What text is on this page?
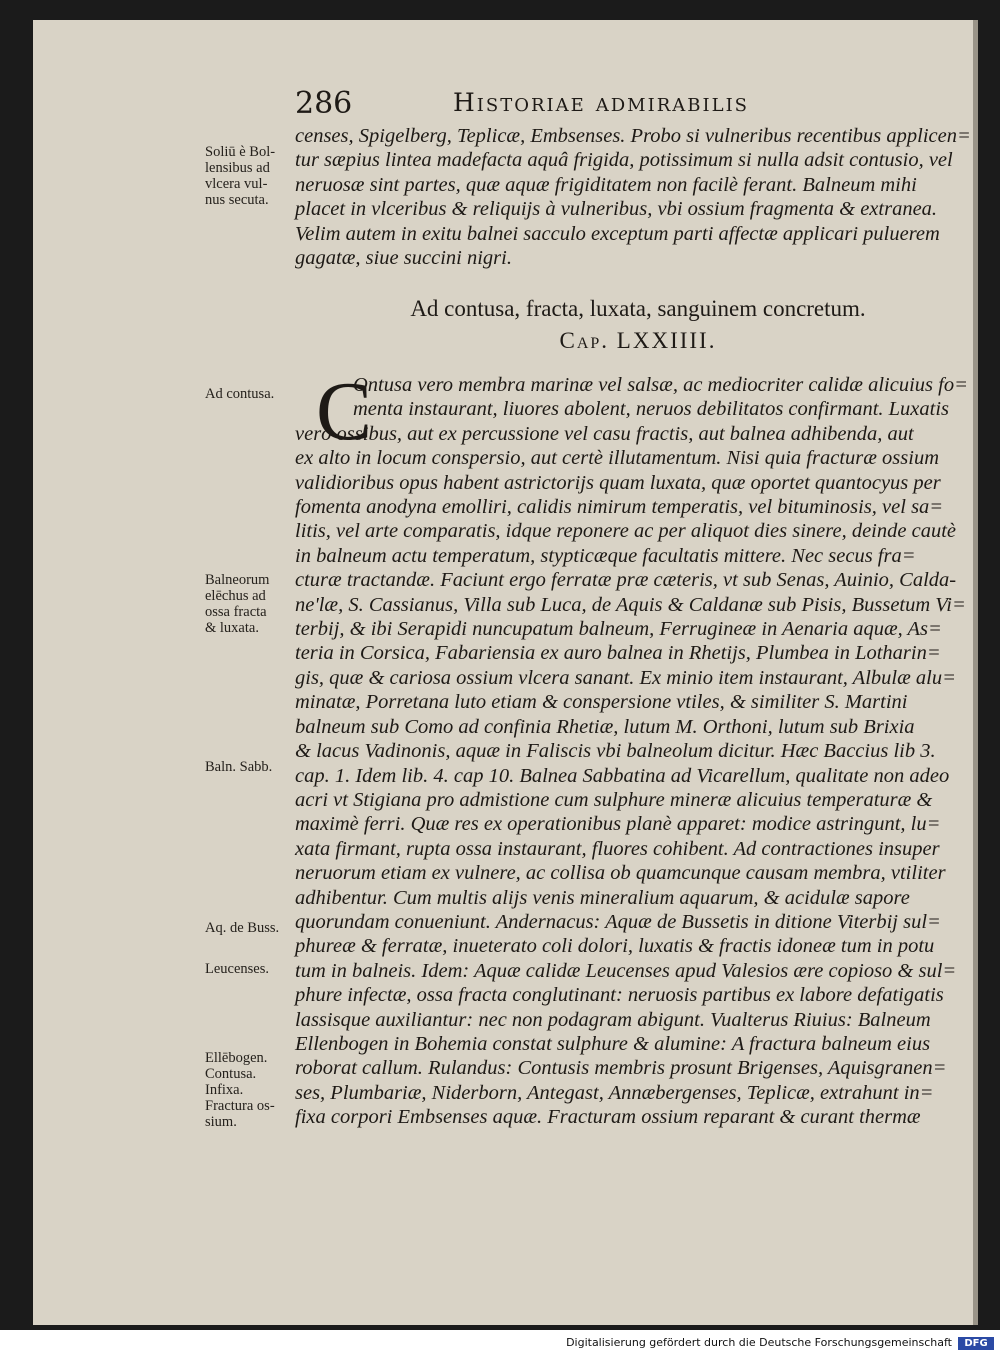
286	Historiae admirabilis
Soliū è Bol-
lensibus ad
vlcera vul-
nus secuta.
censes, Spigelberg, Teplicæ, Embsenses. Probo si vulneribus recentibus applicen=
tur sæpius lintea madefacta aquâ frigida, potissimum si nulla adsit contusio, vel
neruosæ sint partes, quæ aquæ frigiditatem non facilè ferant. Balneum mihi
placet in vlceribus & reliquijs à vulneribus, vbi ossium fragmenta & extranea.
Velim autem in exitu balnei sacculo exceptum parti affectæ applicari puluerem
gagatæ, siue succini nigri.
Ad contusa, fracta, luxata, sanguinem concretum.
Cap. LXXIIII.
C
Ad contusa.
Balneorum
elēchus ad
ossa fracta
& luxata.
Baln. Sabb.
Aq. de Buss.
Leucenses.
Ellēbogen.
Contusa.
Infixa.
Fractura os-
sium.
Ontusa vero membra marinæ vel salsæ, ac mediocriter calidæ alicuius fo=
menta instaurant, liuores abolent, neruos debilitatos confirmant. Luxatis
verò ossibus, aut ex percussione vel casu fractis, aut balnea adhibenda, aut
ex alto in locum conspersio, aut certè illutamentum. Nisi quia fracturæ ossium
validioribus opus habent astrictorijs quam luxata, quæ oportet quantocyus per
fomenta anodyna emolliri, calidis nimirum temperatis, vel bituminosis, vel sa=
litis, vel arte comparatis, idque reponere ac per aliquot dies sinere, deinde cautè
in balneum actu temperatum, stypticæque facultatis mittere. Nec secus fra=
cturæ tractandæ. Faciunt ergo ferratæ præ cæteris, vt sub Senas, Auinio, Calda-
ne'læ, S. Cassianus, Villa sub Luca, de Aquis & Caldanæ sub Pisis, Bussetum Vi=
terbij, & ibi Serapidi nuncupatum balneum, Ferrugineæ in Aenaria aquæ, As=
teria in Corsica, Fabariensia ex auro balnea in Rhetijs, Plumbea in Lotharin=
gis, quæ & cariosa ossium vlcera sanant. Ex minio item instaurant, Albulæ alu=
minatæ, Porretana luto etiam & conspersione vtiles, & similiter S. Martini
balneum sub Como ad confinia Rhetiæ, lutum M. Orthoni, lutum sub Brixia
& lacus Vadinonis, aquæ in Faliscis vbi balneolum dicitur. Hæc Baccius lib 3.
cap. 1. Idem lib. 4. cap 10. Balnea Sabbatina ad Vicarellum, qualitate non adeo
acri vt Stigiana pro admistione cum sulphure mineræ alicuius temperaturæ &
maximè ferri. Quæ res ex operationibus planè apparet: modice astringunt, lu=
xata firmant, rupta ossa instaurant, fluores cohibent. Ad contractiones insuper
neruorum etiam ex vulnere, ac collisa ob quamcunque causam membra, vtiliter
adhibentur. Cum multis alijs venis mineralium aquarum, & acidulæ sapore
quorundam conueniunt. Andernacus: Aquæ de Bussetis in ditione Viterbij sul=
phureæ & ferratæ, inueterato coli dolori, luxatis & fractis idoneæ tum in potu
tum in balneis. Idem: Aquæ calidæ Leucenses apud Valesios ære copioso & sul=
phure infectæ, ossa fracta conglutinant: neruosis partibus ex labore defatigatis
lassisque auxiliantur: nec non podagram abigunt. Vualterus Riuius: Balneum
Ellenbogen in Bohemia constat sulphure & alumine: A fractura balneum eius
roborat callum. Rulandus: Contusis membris prosunt Brigenses, Aquisgranen=
ses, Plumbariæ, Niderborn, Antegast, Annæbergenses, Teplicæ, extrahunt in=
fixa corpori Embsenses aquæ. Fracturam ossium reparant & curant thermæ
Digitalisierung gefördert durch die Deutsche Forschungsgemeinschaft	DFG
